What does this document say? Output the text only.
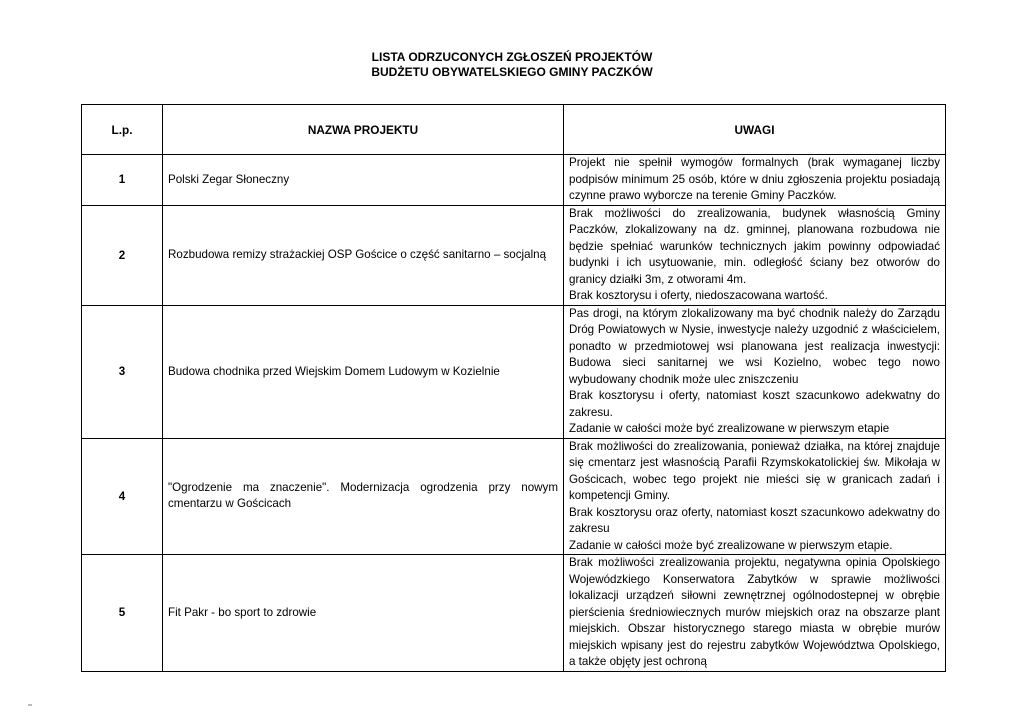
LISTA ODRZUCONYCH ZGŁOSZEŃ PROJEKTÓW
BUDŻETU OBYWATELSKIEGO GMINY PACZKÓW
L.p.	NAZWA PROJEKTU	UWAGI
1	Polski Zegar Słoneczny	Projekt nie spełnił wymogów formalnych (brak wymaganej liczby podpisów minimum 25 osób, które w dniu zgłoszenia projektu posiadają czynne prawo wyborcze na terenie Gminy Paczków.

2	Rozbudowa remizy strażackiej OSP Gościce o część sanitarno – socjalną	Brak możliwości do zrealizowania, budynek własnością Gminy Paczków, zlokalizowany na dz. gminnej, planowana rozbudowa nie będzie spełniać warunków technicznych jakim powinny odpowiadać budynki i ich usytuowanie, min. odległość ściany bez otworów do granicy działki 3m, z otworami 4m.

Brak kosztorysu i oferty, niedoszacowana wartość.

3	Budowa chodnika przed Wiejskim Domem Ludowym w Kozielnie	Pas drogi, na którym zlokalizowany ma być chodnik należy do Zarządu Dróg Powiatowych w Nysie, inwestycje należy uzgodnić z właścicielem, ponadto w przedmiotowej wsi planowana jest realizacja inwestycji: Budowa sieci sanitarnej we wsi Kozielno, wobec tego nowo wybudowany chodnik może ulec zniszczeniu

Brak kosztorysu i oferty, natomiast koszt szacunkowo adekwatny do zakresu.

Zadanie w całości może być zrealizowane w pierwszym etapie

4	"Ogrodzenie ma znaczenie". Modernizacja ogrodzenia przy nowym cmentarzu w Gościcach	Brak możliwości do zrealizowania, ponieważ działka, na której znajduje się cmentarz jest własnością Parafii Rzymskokatolickiej św. Mikołaja w Gościcach, wobec tego projekt nie mieści się w granicach zadań i kompetencji Gminy.

Brak kosztorysu oraz oferty, natomiast koszt szacunkowo adekwatny do zakresu

Zadanie w całości może być zrealizowane w pierwszym etapie.

5	Fit Pakr - bo sport to zdrowie	Brak możliwości zrealizowania projektu, negatywna opinia Opolskiego Wojewódzkiego Konserwatora Zabytków w sprawie możliwości lokalizacji urządzeń siłowni zewnętrznej ogólnodostepnej w obrębie pierścienia średniowiecznych murów miejskich oraz na obszarze plant miejskich. Obszar historycznego starego miasta w obrębie murów miejskich wpisany jest do rejestru zabytków Województwa Opolskiego, a także objęty jest ochroną
